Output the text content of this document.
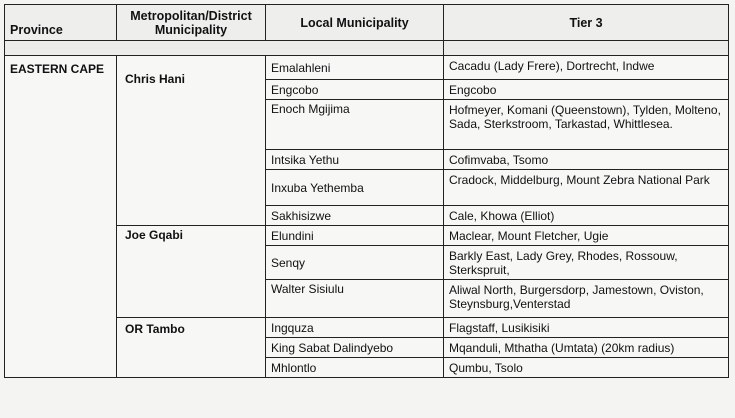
Province	Metropolitan/District Municipality	Local Municipality	Tier 3

EASTERN CAPE	Chris Hani	Emalahleni	Cacadu (Lady Frere), Dortrecht, Indwe
		Engcobo	Engcobo
		Enoch Mgijima	Hofmeyer, Komani (Queenstown), Tylden, Molteno, Sada, Sterkstroom, Tarkastad, Whittlesea.
		Intsika Yethu	Cofimvaba, Tsomo
		Inxuba Yethemba	Cradock, Middelburg, Mount Zebra National Park
		Sakhisizwe	Cale, Khowa (Elliot)
	Joe Gqabi	Elundini	Maclear, Mount Fletcher, Ugie
		Senqy	Barkly East, Lady Grey, Rhodes, Rossouw, Sterkspruit,
		Walter Sisiulu	Aliwal North, Burgersdorp, Jamestown, Oviston, Steynsburg,Venterstad
	OR Tambo	Ingquza	Flagstaff, Lusikisiki
		King Sabat Dalindyebo	Mqanduli, Mthatha (Umtata) (20km radius)
		Mhlontlo	Qumbu, Tsolo
